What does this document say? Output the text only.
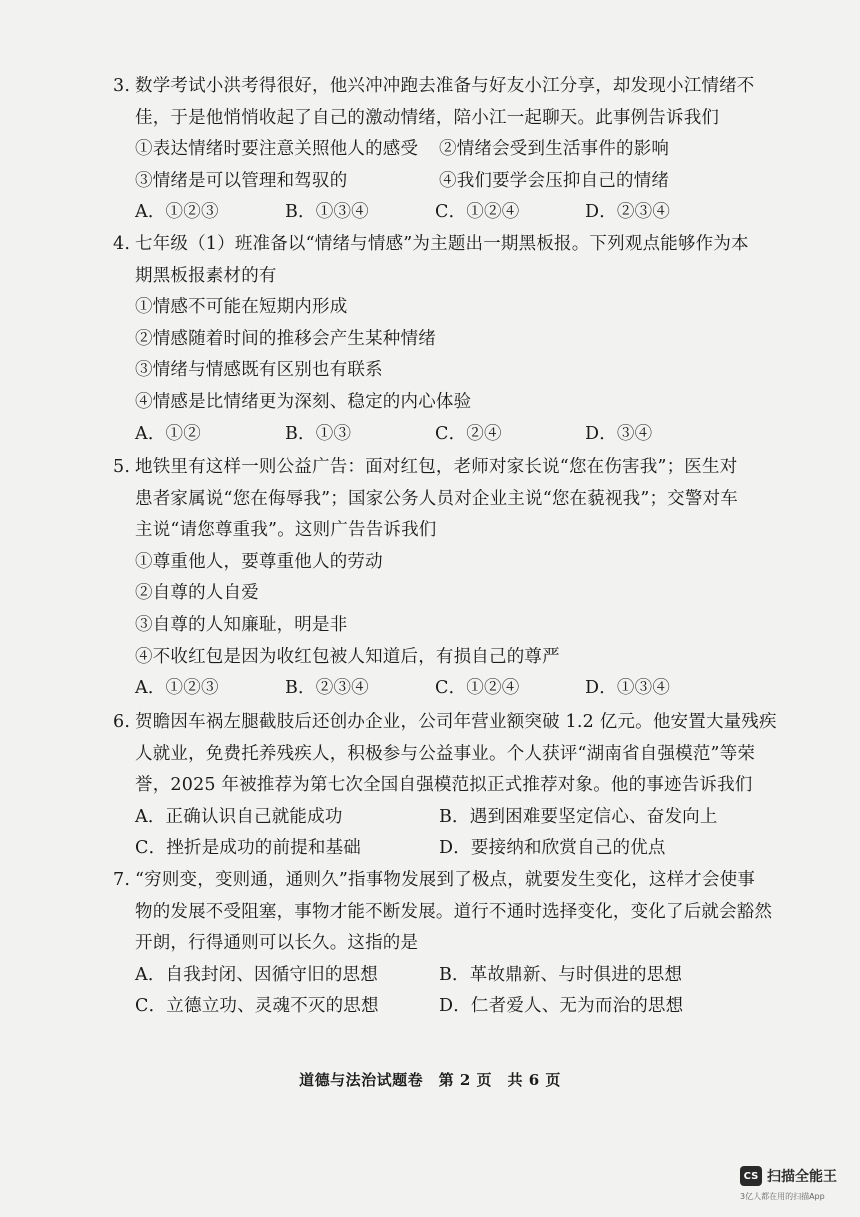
3. 数学考试小洪考得很好，他兴冲冲跑去准备与好友小江分享，却发现小江情绪不
佳，于是他悄悄收起了自己的激动情绪，陪小江一起聊天。此事例告诉我们
①表达情绪时要注意关照他人的感受	②情绪会受到生活事件的影响
③情绪是可以管理和驾驭的	④我们要学会压抑自己的情绪
A．①②③	B．①③④	C．①②④	D．②③④
4. 七年级（1）班准备以“情绪与情感”为主题出一期黑板报。下列观点能够作为本
期黑板报素材的有
①情感不可能在短期内形成
②情感随着时间的推移会产生某种情绪
③情绪与情感既有区别也有联系
④情感是比情绪更为深刻、稳定的内心体验
A．①②	B．①③	C．②④	D．③④
5. 地铁里有这样一则公益广告：面对红包，老师对家长说“您在伤害我”；医生对
患者家属说“您在侮辱我”；国家公务人员对企业主说“您在藐视我”；交警对车
主说“请您尊重我”。这则广告告诉我们
①尊重他人，要尊重他人的劳动
②自尊的人自爱
③自尊的人知廉耻，明是非
④不收红包是因为收红包被人知道后，有损自己的尊严
A．①②③	B．②③④	C．①②④	D．①③④
6. 贺瞻因车祸左腿截肢后还创办企业，公司年营业额突破 1.2 亿元。他安置大量残疾
人就业，免费托养残疾人，积极参与公益事业。个人获评“湖南省自强模范”等荣
誉，2025 年被推荐为第七次全国自强模范拟正式推荐对象。他的事迹告诉我们
A．正确认识自己就能成功	B．遇到困难要坚定信心、奋发向上
C．挫折是成功的前提和基础	D．要接纳和欣赏自己的优点
7. “穷则变，变则通，通则久”指事物发展到了极点，就要发生变化，这样才会使事
物的发展不受阻塞，事物才能不断发展。道行不通时选择变化，变化了后就会豁然
开朗，行得通则可以长久。这指的是
A．自我封闭、因循守旧的思想	B．革故鼎新、与时俱进的思想
C．立德立功、灵魂不灭的思想	D．仁者爱人、无为而治的思想
道德与法治试题卷　第 2 页　共 6 页
CS 扫描全能王
3亿人都在用的扫描App
